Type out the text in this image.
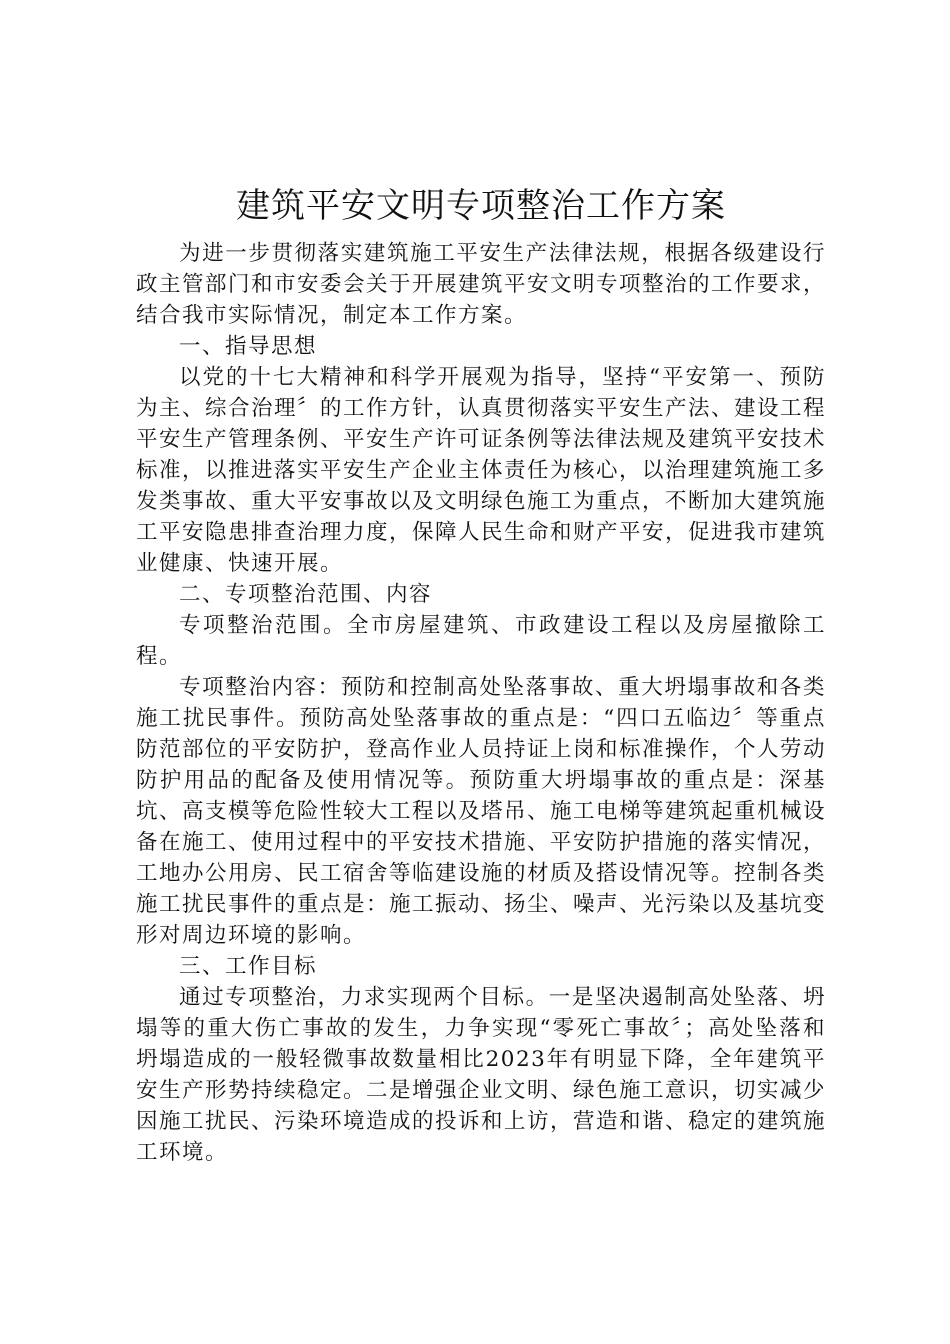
建筑平安文明专项整治工作方案

为进一步贯彻落实建筑施工平安生产法律法规，根据各级建设行政主管部门和市安委会关于开展建筑平安文明专项整治的工作要求，结合我市实际情况，制定本工作方案。

一、指导思想

以党的十七大精神和科学开展观为指导，坚持“平安第一、预防为主、综合治理〞的工作方针，认真贯彻落实平安生产法、建设工程平安生产管理条例、平安生产许可证条例等法律法规及建筑平安技术标准，以推进落实平安生产企业主体责任为核心，以治理建筑施工多发类事故、重大平安事故以及文明绿色施工为重点，不断加大建筑施工平安隐患排查治理力度，保障人民生命和财产平安，促进我市建筑业健康、快速开展。

二、专项整治范围、内容

专项整治范围。全市房屋建筑、市政建设工程以及房屋撤除工程。

专项整治内容：预防和控制高处坠落事故、重大坍塌事故和各类施工扰民事件。预防高处坠落事故的重点是：“四口五临边〞等重点防范部位的平安防护，登高作业人员持证上岗和标准操作，个人劳动防护用品的配备及使用情况等。预防重大坍塌事故的重点是：深基坑、高支模等危险性较大工程以及塔吊、施工电梯等建筑起重机械设备在施工、使用过程中的平安技术措施、平安防护措施的落实情况，工地办公用房、民工宿舍等临建设施的材质及搭设情况等。控制各类施工扰民事件的重点是：施工振动、扬尘、噪声、光污染以及基坑变形对周边环境的影响。

三、工作目标

通过专项整治，力求实现两个目标。一是坚决遏制高处坠落、坍塌等的重大伤亡事故的发生，力争实现“零死亡事故〞；高处坠落和坍塌造成的一般轻微事故数量相比2023年有明显下降，全年建筑平安生产形势持续稳定。二是增强企业文明、绿色施工意识，切实减少因施工扰民、污染环境造成的投诉和上访，营造和谐、稳定的建筑施工环境。
